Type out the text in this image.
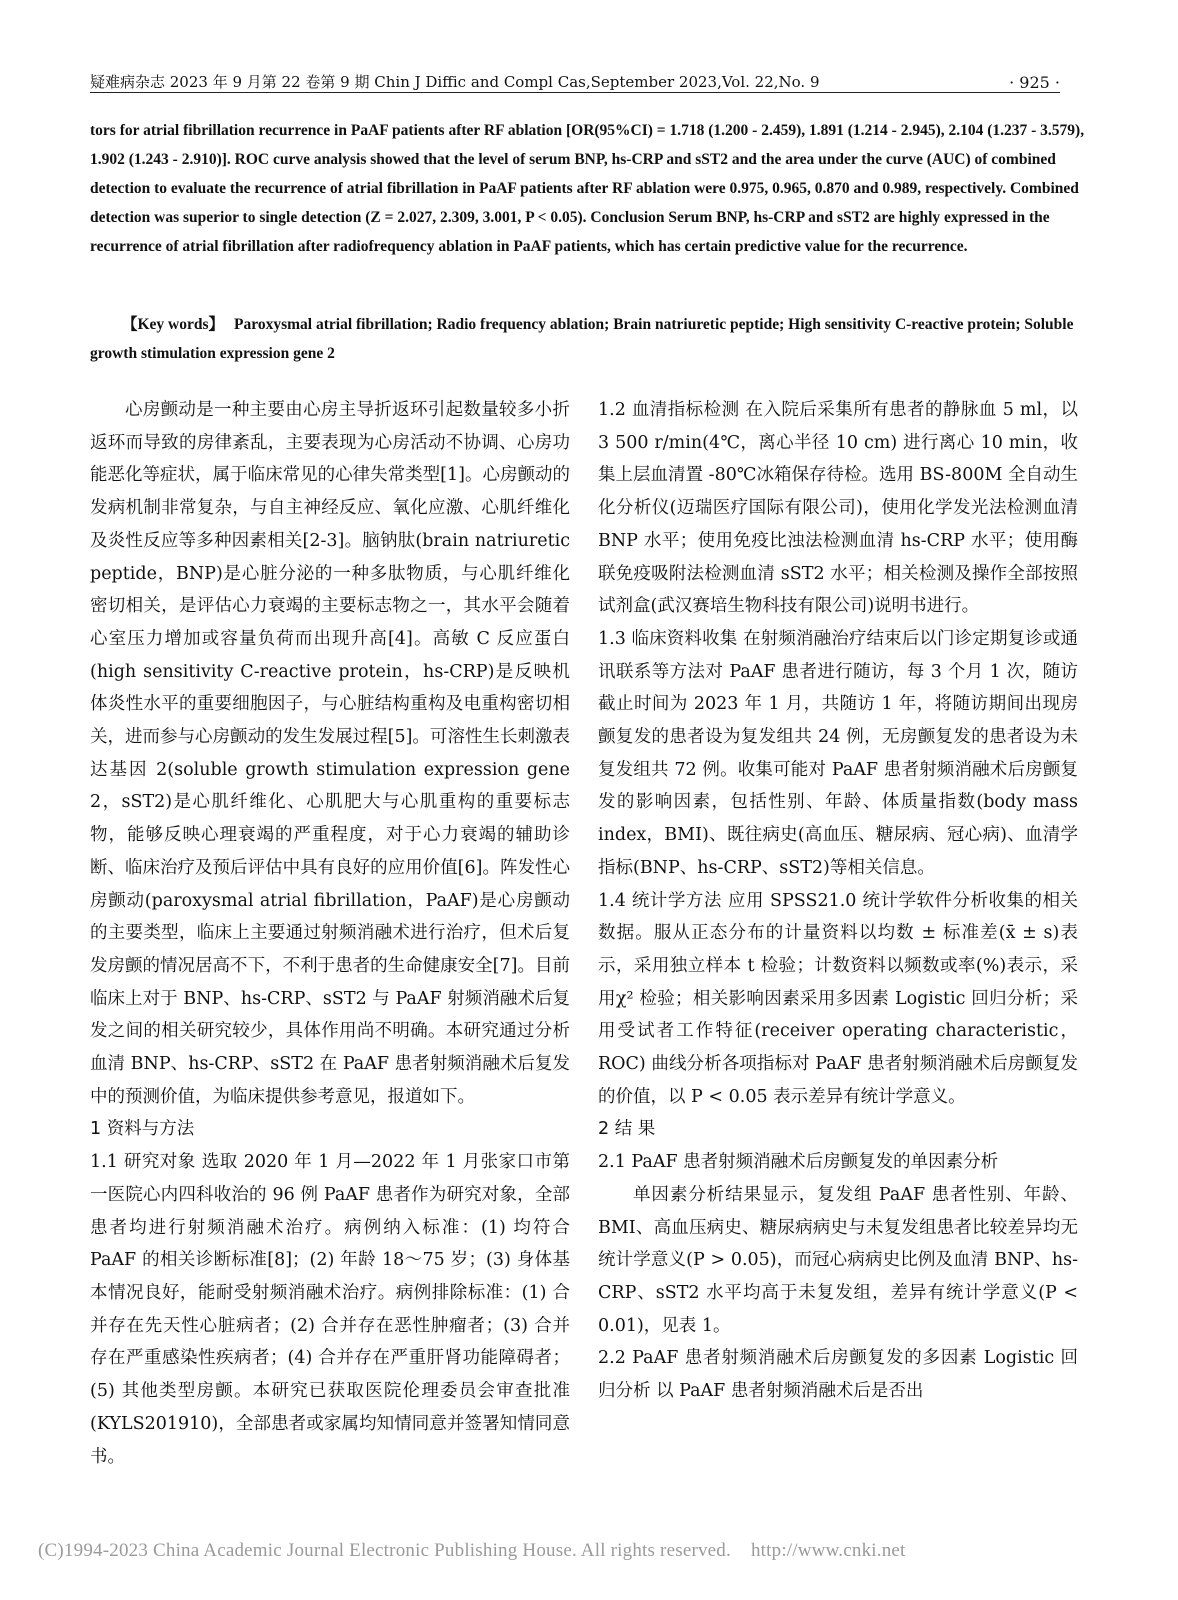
疑难病杂志 2023 年 9 月第 22 卷第 9 期 Chin J Diffic and Compl Cas,September 2023,Vol. 22,No. 9	· 925 ·
tors for atrial fibrillation recurrence in PaAF patients after RF ablation [OR(95%CI) = 1.718 (1.200 - 2.459), 1.891 (1.214 - 2.945), 2.104 (1.237 - 3.579), 1.902 (1.243 - 2.910)]. ROC curve analysis showed that the level of serum BNP, hs-CRP and sST2 and the area under the curve (AUC) of combined detection to evaluate the recurrence of atrial fibrillation in PaAF patients after RF ablation were 0.975, 0.965, 0.870 and 0.989, respectively. Combined detection was superior to single detection (Z = 2.027, 2.309, 3.001, P < 0.05). Conclusion Serum BNP, hs-CRP and sST2 are highly expressed in the recurrence of atrial fibrillation after radiofrequency ablation in PaAF patients, which has certain predictive value for the recurrence.
【Key words】 Paroxysmal atrial fibrillation; Radio frequency ablation; Brain natriuretic peptide; High sensitivity C-reactive protein; Soluble growth stimulation expression gene 2

心房颤动是一种主要由心房主导折返环引起数量较多小折返环而导致的房律紊乱，主要表现为心房活动不协调、心房功能恶化等症状，属于临床常见的心律失常类型[1]。心房颤动的发病机制非常复杂，与自主神经反应、氧化应激、心肌纤维化及炎性反应等多种因素相关[2-3]。脑钠肽(brain natriuretic peptide，BNP)是心脏分泌的一种多肽物质，与心肌纤维化密切相关，是评估心力衰竭的主要标志物之一，其水平会随着心室压力增加或容量负荷而出现升高[4]。高敏 C 反应蛋白(high sensitivity C-reactive protein，hs-CRP)是反映机体炎性水平的重要细胞因子，与心脏结构重构及电重构密切相关，进而参与心房颤动的发生发展过程[5]。可溶性生长刺激表达基因 2(soluble growth stimulation expression gene 2，sST2)是心肌纤维化、心肌肥大与心肌重构的重要标志物，能够反映心理衰竭的严重程度，对于心力衰竭的辅助诊断、临床治疗及预后评估中具有良好的应用价值[6]。阵发性心房颤动(paroxysmal atrial fibrillation，PaAF)是心房颤动的主要类型，临床上主要通过射频消融术进行治疗，但术后复发房颤的情况居高不下，不利于患者的生命健康安全[7]。目前临床上对于 BNP、hs-CRP、sST2 与 PaAF 射频消融术后复发之间的相关研究较少，具体作用尚不明确。本研究通过分析血清 BNP、hs-CRP、sST2 在 PaAF 患者射频消融术后复发中的预测价值，为临床提供参考意见，报道如下。

1 资料与方法

1.1 研究对象 选取 2020 年 1 月—2022 年 1 月张家口市第一医院心内四科收治的 96 例 PaAF 患者作为研究对象，全部患者均进行射频消融术治疗。病例纳入标准：(1) 均符合 PaAF 的相关诊断标准[8]；(2) 年龄 18～75 岁；(3) 身体基本情况良好，能耐受射频消融术治疗。病例排除标准：(1) 合并存在先天性心脏病者；(2) 合并存在恶性肿瘤者；(3) 合并存在严重感染性疾病者；(4) 合并存在严重肝肾功能障碍者；(5) 其他类型房颤。本研究已获取医院伦理委员会审查批准(KYLS201910)，全部患者或家属均知情同意并签署知情同意书。

1.2 血清指标检测 在入院后采集所有患者的静脉血 5 ml，以 3 500 r/min(4℃，离心半径 10 cm) 进行离心 10 min，收集上层血清置 -80℃冰箱保存待检。选用 BS-800M 全自动生化分析仪(迈瑞医疗国际有限公司)，使用化学发光法检测血清 BNP 水平；使用免疫比浊法检测血清 hs-CRP 水平；使用酶联免疫吸附法检测血清 sST2 水平；相关检测及操作全部按照试剂盒(武汉赛培生物科技有限公司)说明书进行。

1.3 临床资料收集 在射频消融治疗结束后以门诊定期复诊或通讯联系等方法对 PaAF 患者进行随访，每 3 个月 1 次，随访截止时间为 2023 年 1 月，共随访 1 年，将随访期间出现房颤复发的患者设为复发组共 24 例，无房颤复发的患者设为未复发组共 72 例。收集可能对 PaAF 患者射频消融术后房颤复发的影响因素，包括性别、年龄、体质量指数(body mass index，BMI)、既往病史(高血压、糖尿病、冠心病)、血清学指标(BNP、hs-CRP、sST2)等相关信息。

1.4 统计学方法 应用 SPSS21.0 统计学软件分析收集的相关数据。服从正态分布的计量资料以均数 ± 标准差(x̄ ± s)表示，采用独立样本 t 检验；计数资料以频数或率(%)表示，采用χ² 检验；相关影响因素采用多因素 Logistic 回归分析；采用受试者工作特征(receiver operating characteristic，ROC) 曲线分析各项指标对 PaAF 患者射频消融术后房颤复发的价值，以 P < 0.05 表示差异有统计学意义。

2 结 果

2.1 PaAF 患者射频消融术后房颤复发的单因素分析

单因素分析结果显示，复发组 PaAF 患者性别、年龄、BMI、高血压病史、糖尿病病史与未复发组患者比较差异均无统计学意义(P > 0.05)，而冠心病病史比例及血清 BNP、hs-CRP、sST2 水平均高于未复发组，差异有统计学意义(P < 0.01)，见表 1。

2.2 PaAF 患者射频消融术后房颤复发的多因素 Logistic 回归分析 以 PaAF 患者射频消融术后是否出

(C)1994-2023 China Academic Journal Electronic Publishing House. All rights reserved. http://www.cnki.net
